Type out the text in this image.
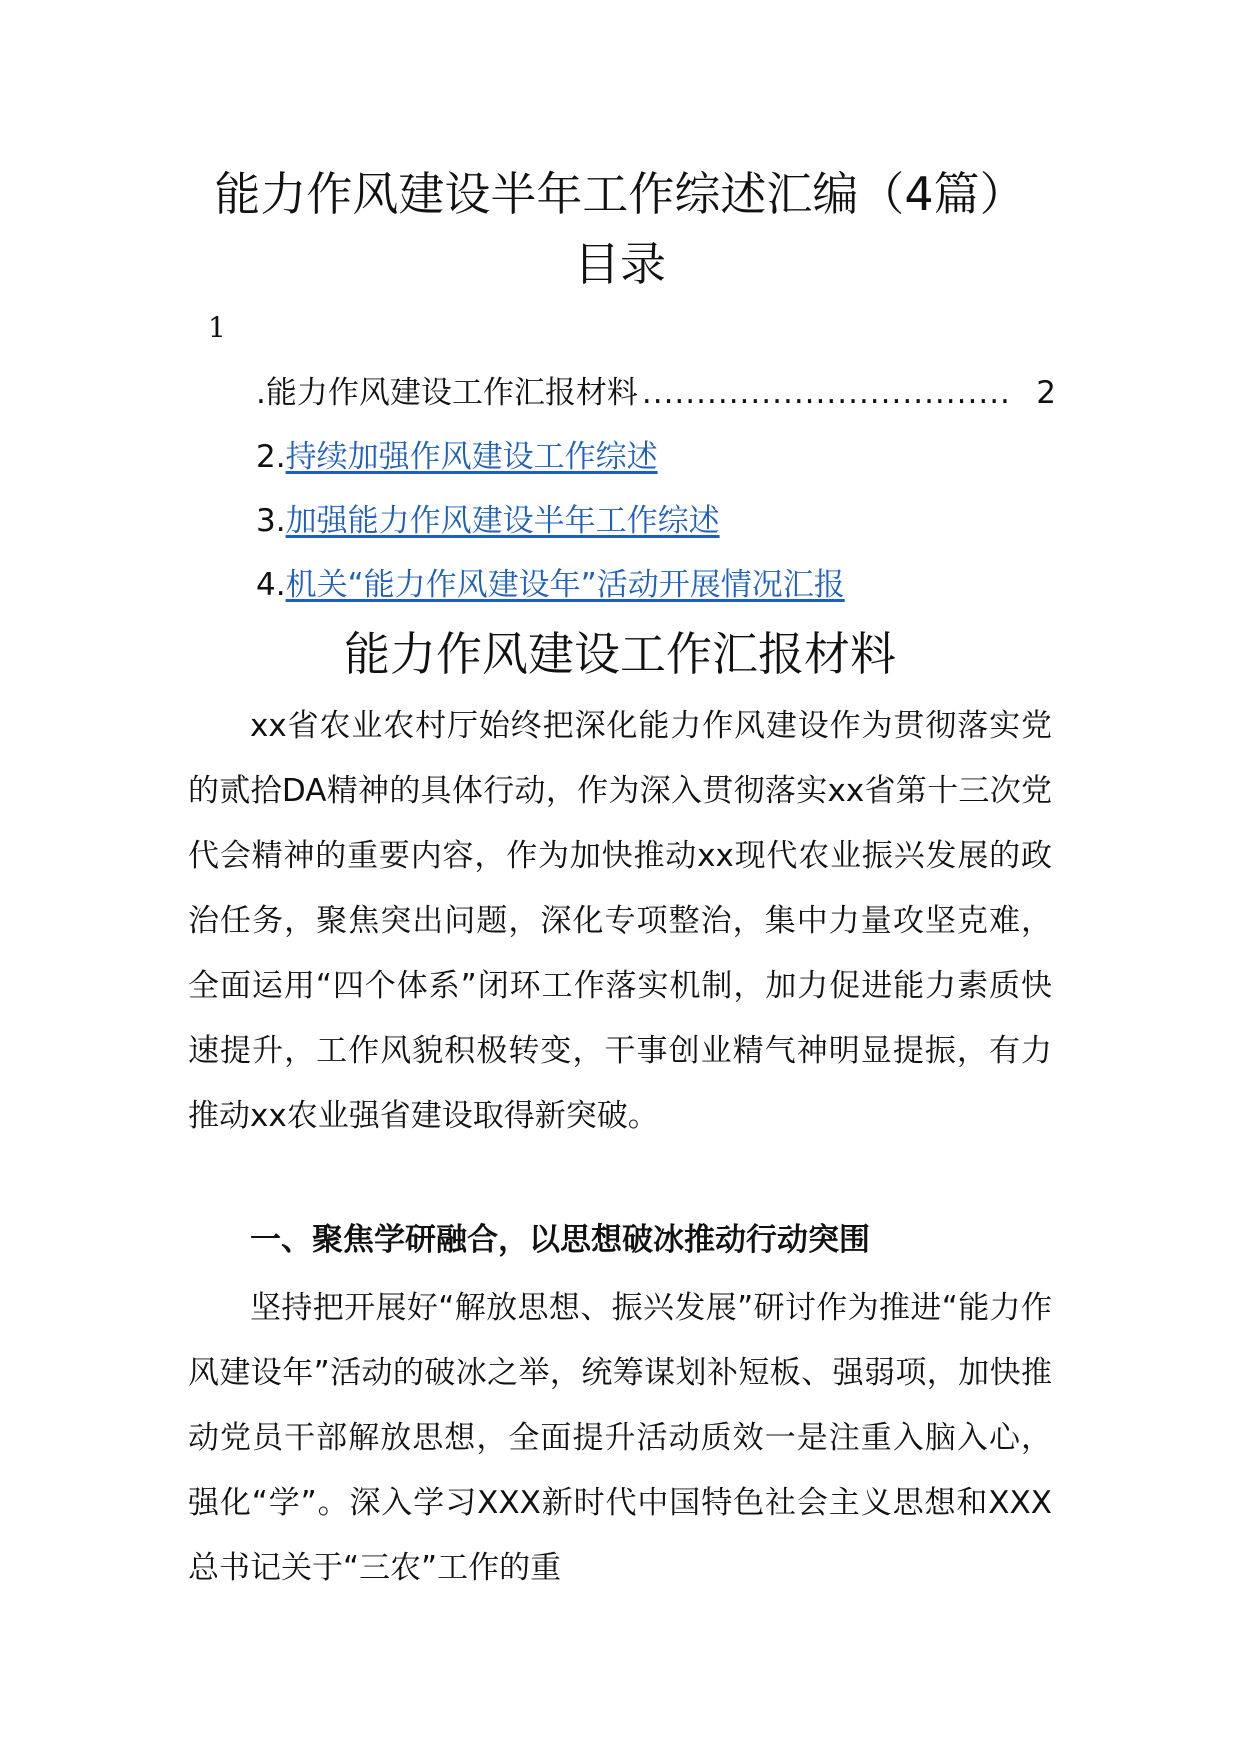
能力作风建设半年工作综述汇编（4篇）
目录
1
. 能力作风建设工作汇报材料 .................................. 2
2.持续加强作风建设工作综述
3.加强能力作风建设半年工作综述
4.机关“能力作风建设年”活动开展情况汇报
能力作风建设工作汇报材料

xx省农业农村厅始终把深化能力作风建设作为贯彻落实党的贰拾DA精神的具体行动，作为深入贯彻落实xx省第十三次党代会精神的重要内容，作为加快推动xx现代农业振兴发展的政治任务，聚焦突出问题，深化专项整治，集中力量攻坚克难，全面运用“四个体系”闭环工作落实机制，加力促进能力素质快速提升，工作风貌积极转变，干事创业精气神明显提振，有力推动xx农业强省建设取得新突破。

一、聚焦学研融合，以思想破冰推动行动突围

坚持把开展好“解放思想、振兴发展”研讨作为推进“能力作风建设年”活动的破冰之举，统筹谋划补短板、强弱项，加快推动党员干部解放思想，全面提升活动质效一是注重入脑入心，强化“学”。深入学习XXX新时代中国特色社会主义思想和XXX总书记关于“三农”工作的重
